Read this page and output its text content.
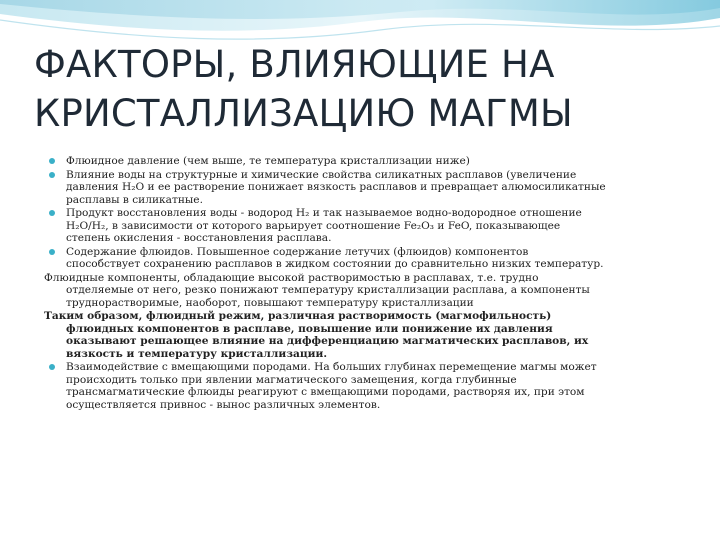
ФАКТОРЫ, ВЛИЯЮЩИЕ НА
КРИСТАЛЛИЗАЦИЮ МАГМЫ
Флюидное давление (чем выше, те температура кристаллизации ниже)
Влияние воды на структурные и химические свойства силикатных расплавов (увеличение
давления H₂O и ее растворение понижает вязкость расплавов и превращает алюмосиликатные
расплавы в силикатные.
Продукт восстановления воды - водород H₂ и так называемое водно-водородное отношение
H₂O/H₂, в зависимости от которого варьирует соотношение Fe₂O₃ и FeO, показывающее
степень окисления - восстановления расплава.
Содержание флюидов. Повышенное содержание летучих (флюидов) компонентов
способствует сохранению расплавов в жидком состоянии до сравнительно низких температур.
Флюидные компоненты, обладающие высокой растворимостью в расплавах, т.е. трудно
отделяемые от него, резко понижают температуру кристаллизации расплава, а компоненты
труднорастворимые, наоборот, повышают температуру кристаллизации
Таким образом, флюидный режим, различная растворимость (магмофильность)
флюидных компонентов в расплаве, повышение или понижение их давления
оказывают решающее влияние на дифференциацию магматических расплавов, их
вязкость и температуру кристаллизации.
Взаимодействие с вмещающими породами. На больших глубинах перемещение магмы может
происходить только при явлении магматического замещения, когда глубинные
трансмагматические флюиды реагируют с вмещающими породами, растворяя их, при этом
осуществляется привнос - вынос различных элементов.
